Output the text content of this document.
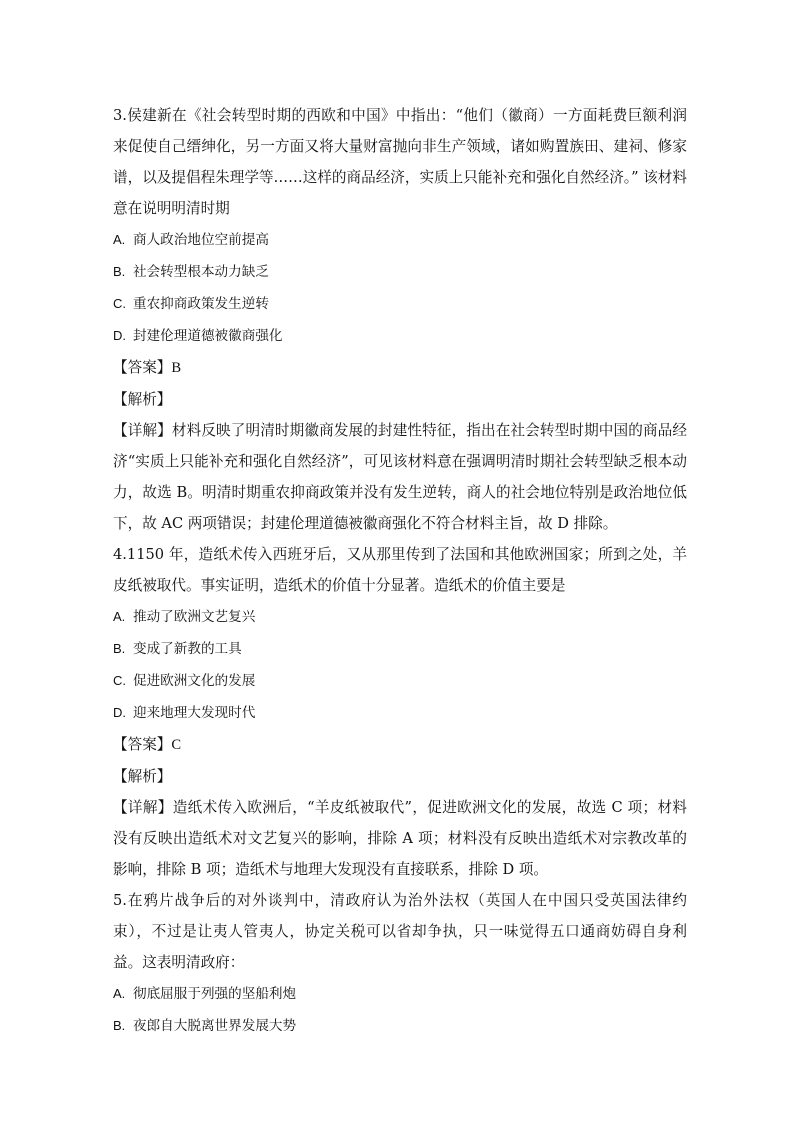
3.侯建新在《社会转型时期的西欧和中国》中指出：“他们（徽商）一方面耗费巨额利润来促使自己缙绅化，另一方面又将大量财富抛向非生产领域，诸如购置族田、建祠、修家谱，以及提倡程朱理学等……这样的商品经济，实质上只能补充和强化自然经济。” 该材料意在说明明清时期

A. 商人政治地位空前提高

B. 社会转型根本动力缺乏

C. 重农抑商政策发生逆转

D. 封建伦理道德被徽商强化

【答案】B

【解析】

【详解】材料反映了明清时期徽商发展的封建性特征，指出在社会转型时期中国的商品经济“实质上只能补充和强化自然经济”，可见该材料意在强调明清时期社会转型缺乏根本动力，故选 B。明清时期重农抑商政策并没有发生逆转，商人的社会地位特别是政治地位低下，故 AC 两项错误；封建伦理道德被徽商强化不符合材料主旨，故 D 排除。

4.1150 年，造纸术传入西班牙后，又从那里传到了法国和其他欧洲国家；所到之处，羊皮纸被取代。事实证明，造纸术的价值十分显著。造纸术的价值主要是

A. 推动了欧洲文艺复兴

B. 变成了新教的工具

C. 促进欧洲文化的发展

D. 迎来地理大发现时代

【答案】C

【解析】

【详解】造纸术传入欧洲后，“羊皮纸被取代”，促进欧洲文化的发展，故选 C 项；材料没有反映出造纸术对文艺复兴的影响，排除 A 项；材料没有反映出造纸术对宗教改革的影响，排除 B 项；造纸术与地理大发现没有直接联系，排除 D 项。

5.在鸦片战争后的对外谈判中，清政府认为治外法权（英国人在中国只受英国法律约束），不过是让夷人管夷人，协定关税可以省却争执，只一味觉得五口通商妨碍自身利益。这表明清政府：

A. 彻底屈服于列强的坚船利炮

B. 夜郎自大脱离世界发展大势
